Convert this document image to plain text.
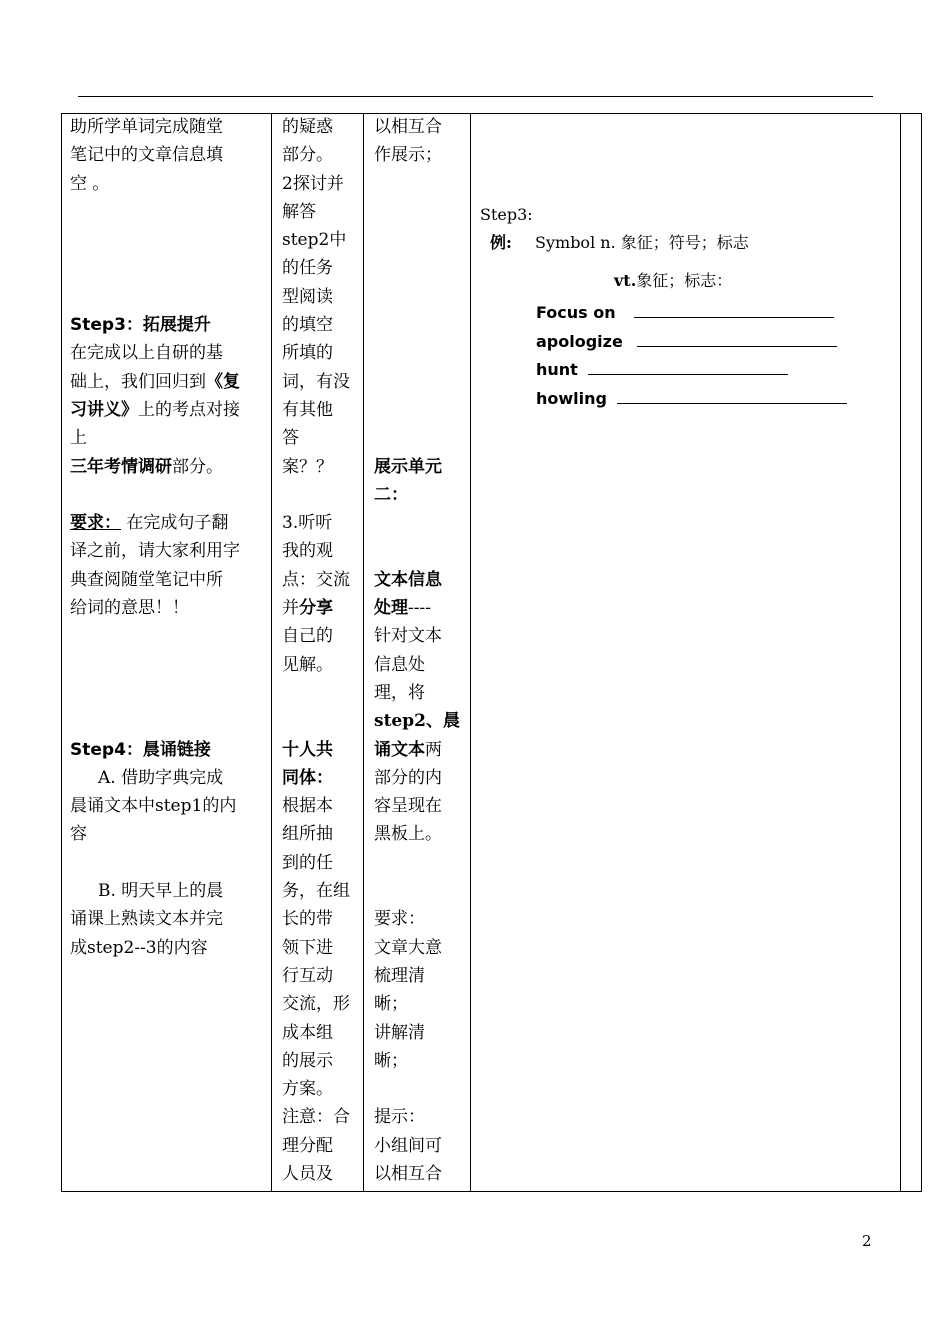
助所学单词完成随堂
笔记中的文章信息填
空 。
Step3：拓展提升
在完成以上自研的基
础上，我们回归到《复
习讲义》上的考点对接
上
三年考情调研部分。
要求： 在完成句子翻
译之前，请大家利用字
典查阅随堂笔记中所
给词的意思！！
Step4：晨诵链接
A. 借助字典完成
晨诵文本中step1的内
容
B. 明天早上的晨
诵课上熟读文本并完
成step2--3的内容
的疑惑
部分。
2探讨并
解答
step2中
的任务
型阅读
的填空
所填的
词，有没
有其他
答
案？？
3.听听
我的观
点：交流
并分享
自己的
见解。
十人共
同体：
根据本
组所抽
到的任
务，在组
长的带
领下进
行互动
交流，形
成本组
的展示
方案。
注意：合
理分配
人员及
以相互合
作展示；
展示单元
二：
文本信息
处理----
针对文本
信息处
理，将
step2、晨
诵文本两
部分的内
容呈现在
黑板上。
要求：
文章大意
梳理清
晰；
讲解清
晰；
提示：
小组间可
以相互合
Step3:
例: Symbol n. 象征；符号；标志
vt.象征；标志：
Focus on
apologize
hunt
howling
2
